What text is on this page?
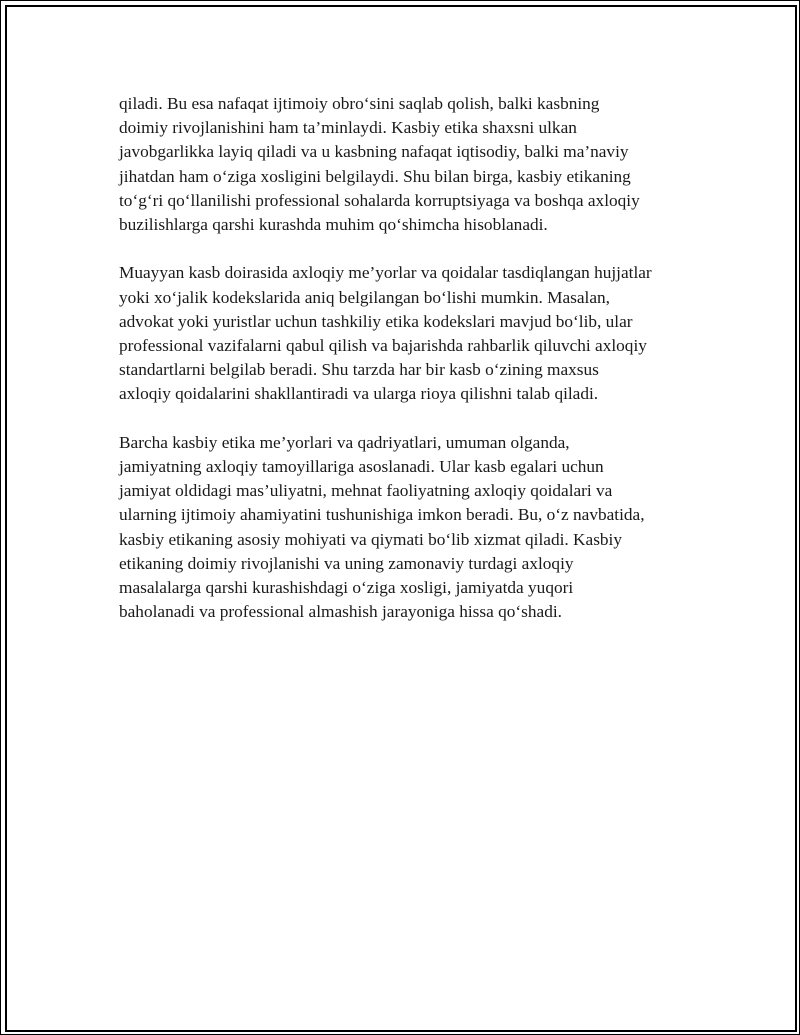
qiladi. Bu esa nafaqat ijtimoiy obro‘sini saqlab qolish, balki kasbning
doimiy rivojlanishini ham ta’minlaydi. Kasbiy etika shaxsni ulkan
javobgarlikka layiq qiladi va u kasbning nafaqat iqtisodiy, balki ma’naviy
jihatdan ham o‘ziga xosligini belgilaydi. Shu bilan birga, kasbiy etikaning
to‘g‘ri qo‘llanilishi professional sohalarda korruptsiyaga va boshqa axloqiy
buzilishlarga qarshi kurashda muhim qo‘shimcha hisoblanadi.

Muayyan kasb doirasida axloqiy me’yorlar va qoidalar tasdiqlangan hujjatlar
yoki xo‘jalik kodekslarida aniq belgilangan bo‘lishi mumkin. Masalan,
advokat yoki yuristlar uchun tashkiliy etika kodekslari mavjud bo‘lib, ular
professional vazifalarni qabul qilish va bajarishda rahbarlik qiluvchi axloqiy
standartlarni belgilab beradi. Shu tarzda har bir kasb o‘zining maxsus
axloqiy qoidalarini shakllantiradi va ularga rioya qilishni talab qiladi.

Barcha kasbiy etika me’yorlari va qadriyatlari, umuman olganda,
jamiyatning axloqiy tamoyillariga asoslanadi. Ular kasb egalari uchun
jamiyat oldidagi mas’uliyatni, mehnat faoliyatning axloqiy qoidalari va
ularning ijtimoiy ahamiyatini tushunishiga imkon beradi. Bu, o‘z navbatida,
kasbiy etikaning asosiy mohiyati va qiymati bo‘lib xizmat qiladi. Kasbiy
etikaning doimiy rivojlanishi va uning zamonaviy turdagi axloqiy
masalalarga qarshi kurashishdagi o‘ziga xosligi, jamiyatda yuqori
baholanadi va professional almashish jarayoniga hissa qo‘shadi.
